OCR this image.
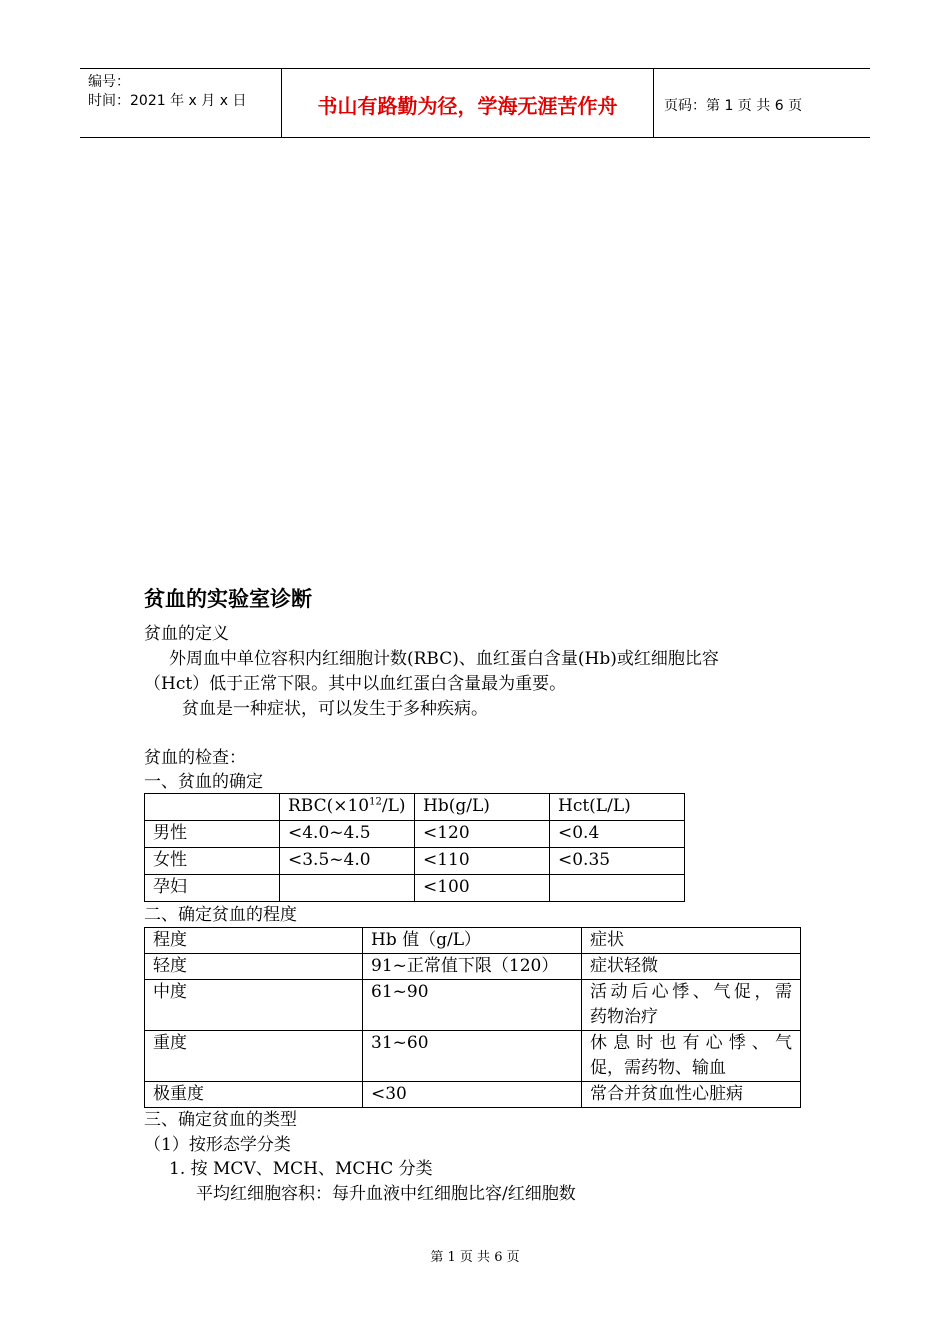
编号：
时间：2021 年 x 月 x 日	书山有路勤为径，学海无涯苦作舟	页码：第 1 页 共 6 页
贫血的实验室诊断
贫血的定义
外周血中单位容积内红细胞计数(RBC)、血红蛋白含量(Hb)或红细胞比容
（Hct）低于正常下限。其中以血红蛋白含量最为重要。
贫血是一种症状，可以发生于多种疾病。
贫血的检查：
一、贫血的确定
	$RBC(\times 10^{12}/L)$	Hb(g/L)	Hct(L/L)
男性	<4.0~4.5	<120	<0.4
女性	<3.5~4.0	<110	<0.35
孕妇		<100	
二、确定贫血的程度
程度	Hb 值（g/L）	症状
轻度	91~正常值下限（120）	症状轻微
中度	61~90	活动后心悸、气促，需
药物治疗

重度	31~60	休息时也有心悸、气
促，需药物、输血

极重度	<30	常合并贫血性心脏病
三、确定贫血的类型
（1）按形态学分类
1. 按 MCV、MCH、MCHC 分类
平均红细胞容积：每升血液中红细胞比容/红细胞数
第 1 页 共 6 页
